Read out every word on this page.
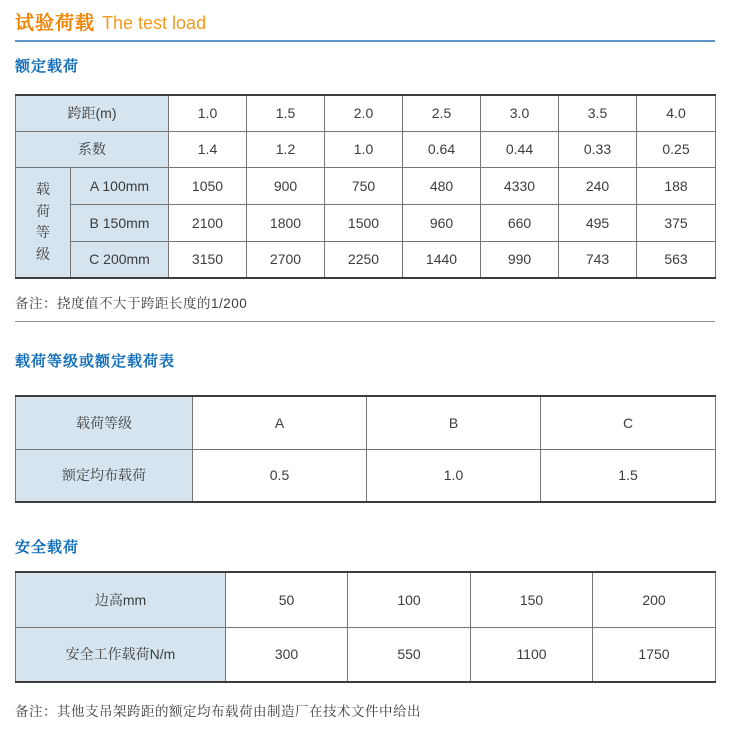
试验荷载 The test load
额定载荷
跨距(m)		1.0	1.5	2.0	2.5	3.0	3.5	4.0
系数		1.4	1.2	1.0	0.64	0.44	0.33	0.25

载荷等级	A 100mm	1050	900	750	480	4330	240	188
	B 150mm	2100	1800	1500	960	660	495	375
	C 200mm	3150	2700	2250	1440	990	743	563
备注：挠度值不大于跨距长度的1/200
载荷等级或额定载荷表
载荷等级	A	B	C
额定均布载荷	0.5	1.0	1.5
安全载荷
边高mm	50	100	150	200
安全工作载荷N/m	300	550	1100	1750
备注：其他支吊架跨距的额定均布载荷由制造厂在技术文件中给出
